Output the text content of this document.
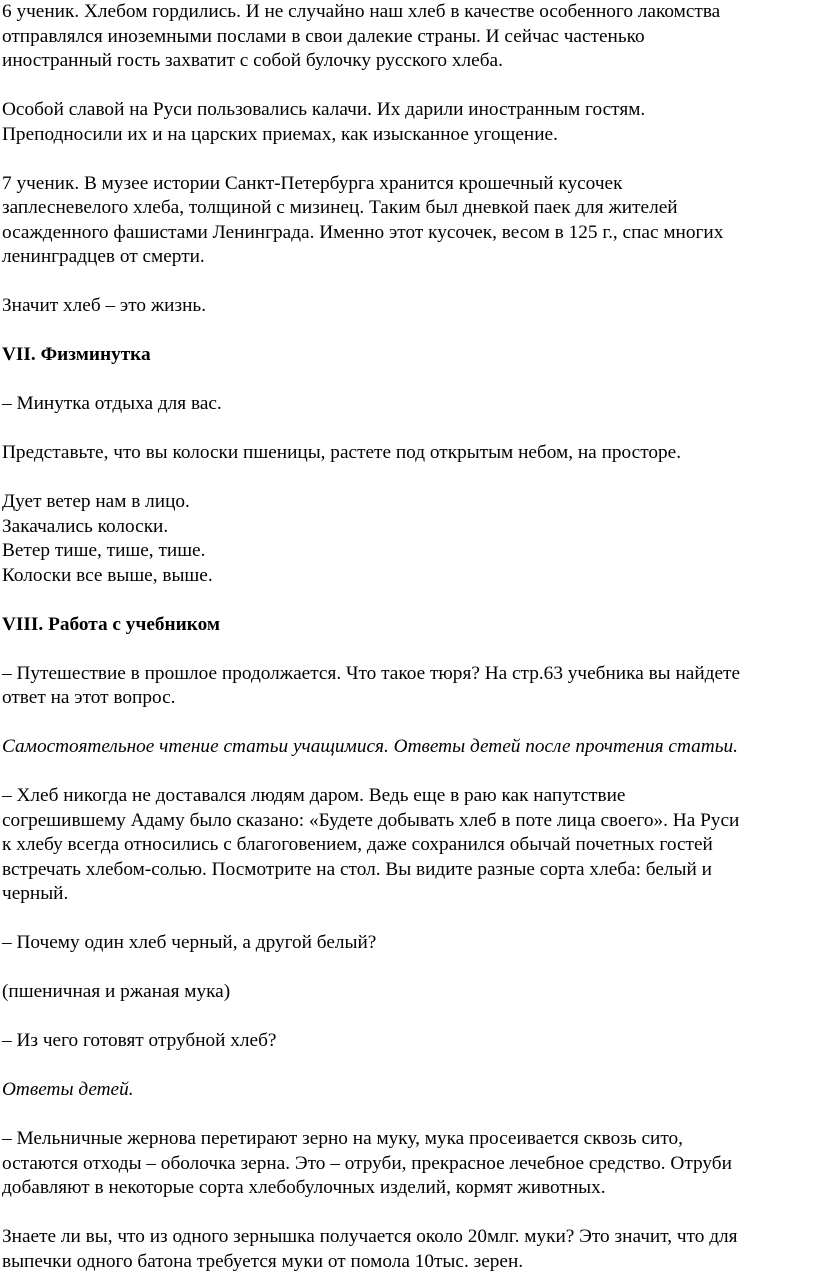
6 ученик. Хлебом гордились. И не случайно наш хлеб в качестве особенного лакомства

отправлялся иноземными послами в свои далекие страны. И сейчас частенько

иностранный гость захватит с собой булочку русского хлеба.

Особой славой на Руси пользовались калачи. Их дарили иностранным гостям.

Преподносили их и на царских приемах, как изысканное угощение.

7 ученик. В музее истории Санкт-Петербурга хранится крошечный кусочек

заплесневелого хлеба, толщиной с мизинец. Таким был дневкой паек для жителей

осажденного фашистами Ленинграда. Именно этот кусочек, весом в 125 г., спас многих

ленинградцев от смерти.

Значит хлеб – это жизнь.

VII. Физминутка

– Минутка отдыха для вас.

Представьте, что вы колоски пшеницы, растете под открытым небом, на просторе.

Дует ветер нам в лицо.

Закачались колоски.

Ветер тише, тише, тише.

Колоски все выше, выше.

VIII. Работа с учебником

– Путешествие в прошлое продолжается. Что такое тюря? На стр.63 учебника вы найдете

ответ на этот вопрос.

Самостоятельное чтение статьи учащимися. Ответы детей после прочтения статьи.

– Хлеб никогда не доставался людям даром. Ведь еще в раю как напутствие

согрешившему Адаму было сказано: «Будете добывать хлеб в поте лица своего». На Руси

к хлебу всегда относились с благоговением, даже сохранился обычай почетных гостей

встречать хлебом-солью. Посмотрите на стол. Вы видите разные сорта хлеба: белый и

черный.

– Почему один хлеб черный, а другой белый?

(пшеничная и ржаная мука)

– Из чего готовят отрубной хлеб?

Ответы детей.

– Мельничные жернова перетирают зерно на муку, мука просеивается сквозь сито,

остаются отходы – оболочка зерна. Это – отруби, прекрасное лечебное средство. Отруби

добавляют в некоторые сорта хлебобулочных изделий, кормят животных.

Знаете ли вы, что из одного зернышка получается около 20млг. муки? Это значит, что для

выпечки одного батона требуется муки от помола 10тыс. зерен.
